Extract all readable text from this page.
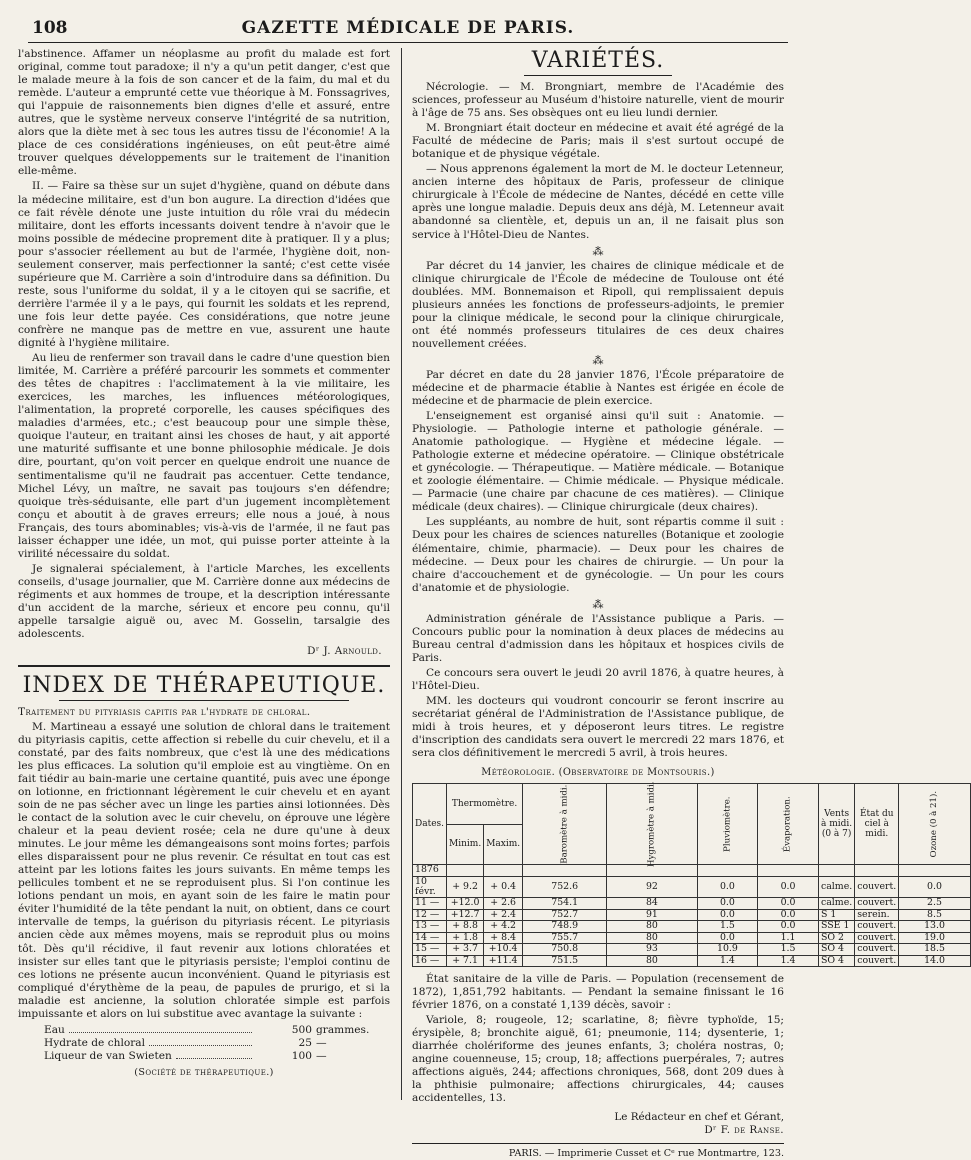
108	GAZETTE MÉDICALE DE PARIS.

l'abstinence. Affamer un néoplasme au profit du malade est fort original, comme tout paradoxe; il n'y a qu'un petit danger, c'est que le malade meure à la fois de son cancer et de la faim, du mal et du remède. L'auteur a emprunté cette vue théorique à M. Fonssagrives, qui l'appuie de raisonnements bien dignes d'elle et assuré, entre autres, que le système nerveux conserve l'intégrité de sa nutrition, alors que la diète met à sec tous les autres tissu de l'économie! A la place de ces considérations ingénieuses, on eût peut-être aimé trouver quelques développements sur le traitement de l'inanition elle-même.

II. — Faire sa thèse sur un sujet d'hygiène, quand on débute dans la médecine militaire, est d'un bon augure. La direction d'idées que ce fait révèle dénote une juste intuition du rôle vrai du médecin militaire, dont les efforts incessants doivent tendre à n'avoir que le moins possible de médecine proprement dite à pratiquer. Il y a plus; pour s'associer réellement au but de l'armée, l'hygiène doit, non-seulement conserver, mais perfectionner la santé; c'est cette visée supérieure que M. Carrière a soin d'introduire dans sa définition. Du reste, sous l'uniforme du soldat, il y a le citoyen qui se sacrifie, et derrière l'armée il y a le pays, qui fournit les soldats et les reprend, une fois leur dette payée. Ces considérations, que notre jeune confrère ne manque pas de mettre en vue, assurent une haute dignité à l'hygiène militaire.

Au lieu de renfermer son travail dans le cadre d'une question bien limitée, M. Carrière a préféré parcourir les sommets et commenter des têtes de chapitres : l'acclimatement à la vie militaire, les exercices, les marches, les influences météorologiques, l'alimentation, la propreté corporelle, les causes spécifiques des maladies d'armées, etc.; c'est beaucoup pour une simple thèse, quoique l'auteur, en traitant ainsi les choses de haut, y ait apporté une maturité suffisante et une bonne philosophie médicale. Je dois dire, pourtant, qu'on voit percer en quelque endroit une nuance de sentimentalisme qu'il ne faudrait pas accentuer. Cette tendance, Michel Lévy, un maître, ne savait pas toujours s'en défendre; quoique très-séduisante, elle part d'un jugement incomplètement conçu et aboutit à de graves erreurs; elle nous a joué, à nous Français, des tours abominables; vis-à-vis de l'armée, il ne faut pas laisser échapper une idée, un mot, qui puisse porter atteinte à la virilité nécessaire du soldat.

Je signalerai spécialement, à l'article Marches, les excellents conseils, d'usage journalier, que M. Carrière donne aux médecins de régiments et aux hommes de troupe, et la description intéressante d'un accident de la marche, sérieux et encore peu connu, qu'il appelle tarsalgie aiguë ou, avec M. Gosselin, tarsalgie des adolescents.

Dʳ J. Arnould.
INDEX DE THÉRAPEUTIQUE.

Traitement du pityriasis capitis par l'hydrate de chloral.

M. Martineau a essayé une solution de chloral dans le traitement du pityriasis capitis, cette affection si rebelle du cuir chevelu, et il a constaté, par des faits nombreux, que c'est là une des médications les plus efficaces. La solution qu'il emploie est au vingtième. On en fait tiédir au bain-marie une certaine quantité, puis avec une éponge on lotionne, en frictionnant légèrement le cuir chevelu et en ayant soin de ne pas sécher avec un linge les parties ainsi lotionnées. Dès le contact de la solution avec le cuir chevelu, on éprouve une légère chaleur et la peau devient rosée; cela ne dure qu'une à deux minutes. Le jour même les démangeaisons sont moins fortes; parfois elles disparaissent pour ne plus revenir. Ce résultat en tout cas est atteint par les lotions faites les jours suivants. En même temps les pellicules tombent et ne se reproduisent plus. Si l'on continue les lotions pendant un mois, en ayant soin de les faire le matin pour éviter l'humidité de la tête pendant la nuit, on obtient, dans ce court intervalle de temps, la guérison du pityriasis récent. Le pityriasis ancien cède aux mêmes moyens, mais se reproduit plus ou moins tôt. Dès qu'il récidive, il faut revenir aux lotions chloratées et insister sur elles tant que le pityriasis persiste; l'emploi continu de ces lotions ne présente aucun inconvénient. Quand le pityriasis est compliqué d'érythème de la peau, de papules de prurigo, et si la maladie est ancienne, la solution chloratée simple est parfois impuissante et alors on lui substitue avec avantage la suivante :

Eau	500 grammes.
Hydrate de chloral	25 —
Liqueur de van Swieten	100 —
(Société de thérapeutique.)
VARIÉTÉS.

Nécrologie. — M. Brongniart, membre de l'Académie des sciences, professeur au Muséum d'histoire naturelle, vient de mourir à l'âge de 75 ans. Ses obsèques ont eu lieu lundi dernier.

M. Brongniart était docteur en médecine et avait été agrégé de la Faculté de médecine de Paris; mais il s'est surtout occupé de botanique et de physique végétale.

— Nous apprenons également la mort de M. le docteur Letenneur, ancien interne des hôpitaux de Paris, professeur de clinique chirurgicale à l'École de médecine de Nantes, décédé en cette ville après une longue maladie. Depuis deux ans déjà, M. Letenneur avait abandonné sa clientèle, et, depuis un an, il ne faisait plus son service à l'Hôtel-Dieu de Nantes.

⁂

Par décret du 14 janvier, les chaires de clinique médicale et de clinique chirurgicale de l'École de médecine de Toulouse ont été doublées. MM. Bonnemaison et Ripoll, qui remplissaient depuis plusieurs années les fonctions de professeurs-adjoints, le premier pour la clinique médicale, le second pour la clinique chirurgicale, ont été nommés professeurs titulaires de ces deux chaires nouvellement créées.

⁂

Par décret en date du 28 janvier 1876, l'École préparatoire de médecine et de pharmacie établie à Nantes est érigée en école de médecine et de pharmacie de plein exercice.

L'enseignement est organisé ainsi qu'il suit : Anatomie. — Physiologie. — Pathologie interne et pathologie générale. — Anatomie pathologique. — Hygiène et médecine légale. — Pathologie externe et médecine opératoire. — Clinique obstétricale et gynécologie. — Thérapeutique. — Matière médicale. — Botanique et zoologie élémentaire. — Chimie médicale. — Physique médicale. — Parmacie (une chaire par chacune de ces matières). — Clinique médicale (deux chaires). — Clinique chirurgicale (deux chaires).

Les suppléants, au nombre de huit, sont répartis comme il suit : Deux pour les chaires de sciences naturelles (Botanique et zoologie élémentaire, chimie, pharmacie). — Deux pour les chaires de médecine. — Deux pour les chaires de chirurgie. — Un pour la chaire d'accouchement et de gynécologie. — Un pour les cours d'anatomie et de physiologie.

⁂

Administration générale de l'Assistance publique a Paris. — Concours public pour la nomination à deux places de médecins au Bureau central d'admission dans les hôpitaux et hospices civils de Paris.

Ce concours sera ouvert le jeudi 20 avril 1876, à quatre heures, à l'Hôtel-Dieu.

MM. les docteurs qui voudront concourir se feront inscrire au secrétariat général de l'Administration de l'Assistance publique, de midi à trois heures, et y déposeront leurs titres. Le registre d'inscription des candidats sera ouvert le mercredi 22 mars 1876, et sera clos définitivement le mercredi 5 avril, à trois heures.

Météorologie. (Observatoire de Montsouris.)
Dates.	Thermomètre.		Baromètre à midi.	Hygromètre à midi.	Pluviomètre.	Évaporation.	Vents à midi. (0 à 7)	État du ciel à midi.	Ozone (0 à 21).
	Minim.	Maxim.							
1876									
10 févr.	+ 9.2	+ 0.4	752.6	92	0.0	0.0	calme.	couvert.	0.0
11 —	+12.0	+ 2.6	754.1	84	0.0	0.0	calme.	couvert.	2.5
12 —	+12.7	+ 2.4	752.7	91	0.0	0.0	S 1	serein.	8.5
13 —	+ 8.8	+ 4.2	748.9	80	1.5	0.0	SSE 1	couvert.	13.0
14 —	+ 1.8	+ 8.4	755.7	80	0.0	1.1	SO 2	couvert.	19.0
15 —	+ 3.7	+10.4	750.8	93	10.9	1.5	SO 4	couvert.	18.5
16 —	+ 7.1	+11.4	751.5	80	1.4	1.4	SO 4	couvert.	14.0

État sanitaire de la ville de Paris. — Population (recensement de 1872), 1,851,792 habitants. — Pendant la semaine finissant le 16 février 1876, on a constaté 1,139 décès, savoir :

Variole, 8; rougeole, 12; scarlatine, 8; fièvre typhoïde, 15; érysipèle, 8; bronchite aiguë, 61; pneumonie, 114; dysenterie, 1; diarrhée cholériforme des jeunes enfants, 3; choléra nostras, 0; angine couenneuse, 15; croup, 18; affections puerpérales, 7; autres affections aiguës, 244; affections chroniques, 568, dont 209 dues à la phthisie pulmonaire; affections chirurgicales, 44; causes accidentelles, 13.

Le Rédacteur en chef et Gérant,
Dʳ F. de Ranse.
PARIS. — Imprimerie Cusset et Cᵉ rue Montmartre, 123.
